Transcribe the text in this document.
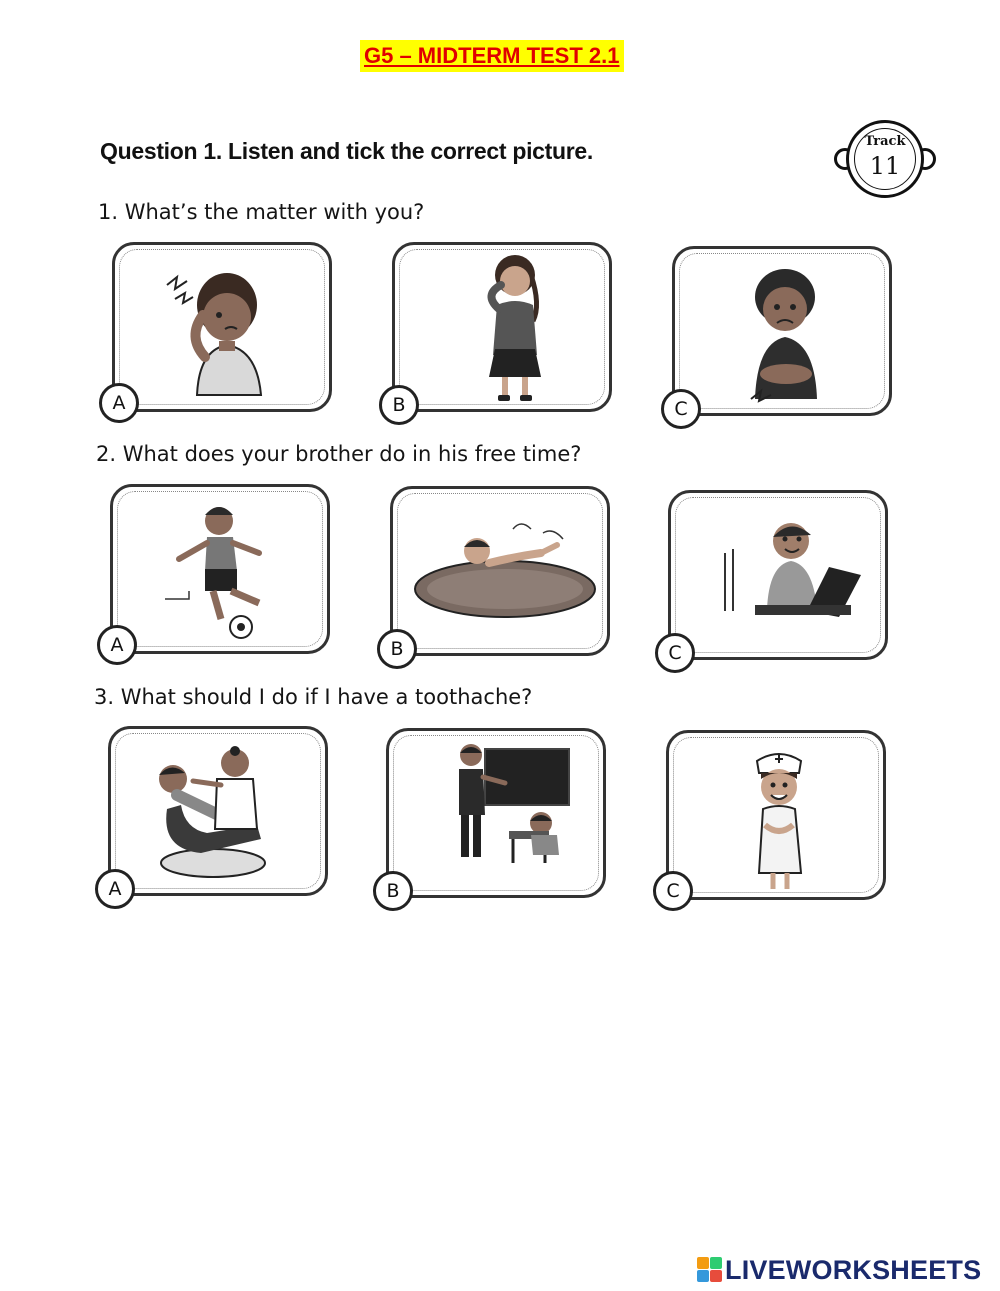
G5 – MIDTERM TEST 2.1
Question 1. Listen and tick the correct picture.	Track
11
1. What’s the matter with you?
A	B	C
2. What does your brother do in his free time?
A	B	C
3. What should I do if I have a toothache?
A	B	C
LIVEWORKSHEETS
